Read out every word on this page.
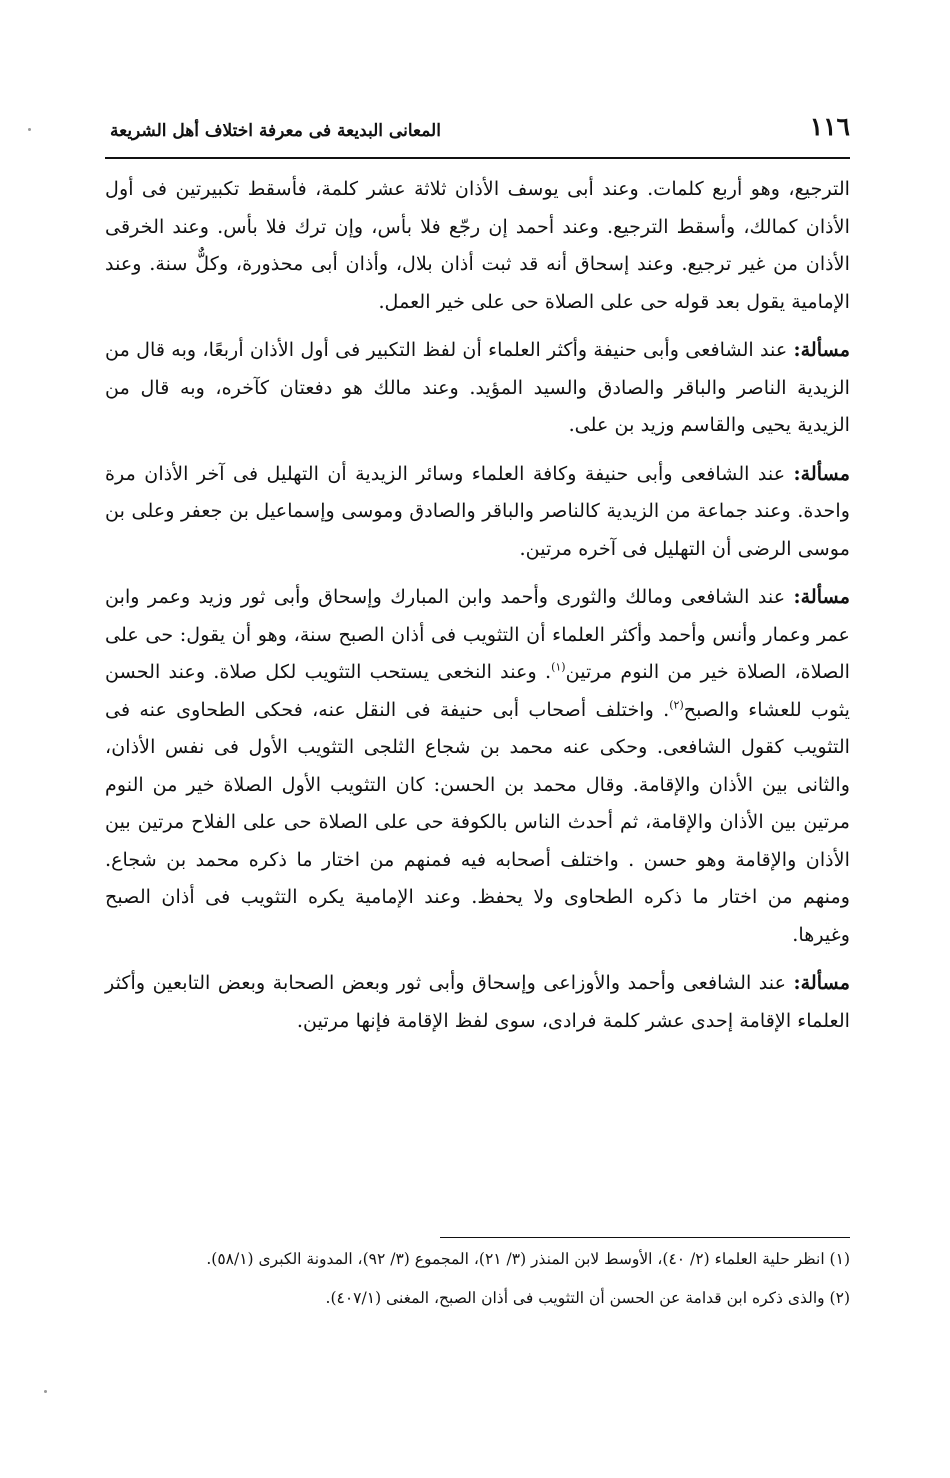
١١٦
المعانى البديعة فى معرفة اختلاف أهل الشريعة

الترجيع، وهو أربع كلمات. وعند أبى يوسف الأذان ثلاثة عشر كلمة، فأسقط تكبيرتين فى أول الأذان كمالك، وأسقط الترجيع. وعند أحمد إن رجّع فلا بأس، وإن ترك فلا بأس. وعند الخرقى الأذان من غير ترجيع. وعند إسحاق أنه قد ثبت أذان بلال، وأذان أبى محذورة، وكلٌّ سنة. وعند الإمامية يقول بعد قوله حى على الصلاة حى على خير العمل.

مسألة: عند الشافعى وأبى حنيفة وأكثر العلماء أن لفظ التكبير فى أول الأذان أربعًا، وبه قال من الزيدية الناصر والباقر والصادق والسيد المؤيد. وعند مالك هو دفعتان كآخره، وبه قال من الزيدية يحيى والقاسم وزيد بن على.

مسألة: عند الشافعى وأبى حنيفة وكافة العلماء وسائر الزيدية أن التهليل فى آخر الأذان مرة واحدة. وعند جماعة من الزيدية كالناصر والباقر والصادق وموسى وإسماعيل بن جعفر وعلى بن موسى الرضى أن التهليل فى آخره مرتين.

مسألة: عند الشافعى ومالك والثورى وأحمد وابن المبارك وإسحاق وأبى ثور وزيد وعمر وابن عمر وعمار وأنس وأحمد وأكثر العلماء أن التثويب فى أذان الصبح سنة، وهو أن يقول: حى على الصلاة، الصلاة خير من النوم مرتين$^{(١)}$. وعند النخعى يستحب التثويب لكل صلاة. وعند الحسن يثوب للعشاء والصبح$^{(٢)}$. واختلف أصحاب أبى حنيفة فى النقل عنه، فحكى الطحاوى عنه فى التثويب كقول الشافعى. وحكى عنه محمد بن شجاع الثلجى التثويب الأول فى نفس الأذان، والثانى بين الأذان والإقامة. وقال محمد بن الحسن: كان التثويب الأول الصلاة خير من النوم مرتين بين الأذان والإقامة، ثم أحدث الناس بالكوفة حى على الصلاة حى على الفلاح مرتين بين الأذان والإقامة وهو حسن . واختلف أصحابه فيه فمنهم من اختار ما ذكره محمد بن شجاع. ومنهم من اختار ما ذكره الطحاوى ولا يحفظ. وعند الإمامية يكره التثويب فى أذان الصبح وغيرها.

مسألة: عند الشافعى وأحمد والأوزاعى وإسحاق وأبى ثور وبعض الصحابة وبعض التابعين وأكثر العلماء الإقامة إحدى عشر كلمة فرادى، سوى لفظ الإقامة فإنها مرتين.

(١) انظر حلية العلماء (٢/ ٤٠)، الأوسط لابن المنذر (٣/ ٢١)، المجموع (٣/ ٩٢)، المدونة الكبرى (٥٨/١).

(٢) والذى ذكره ابن قدامة عن الحسن أن التثويب فى أذان الصبح، المغنى (٤٠٧/١).
